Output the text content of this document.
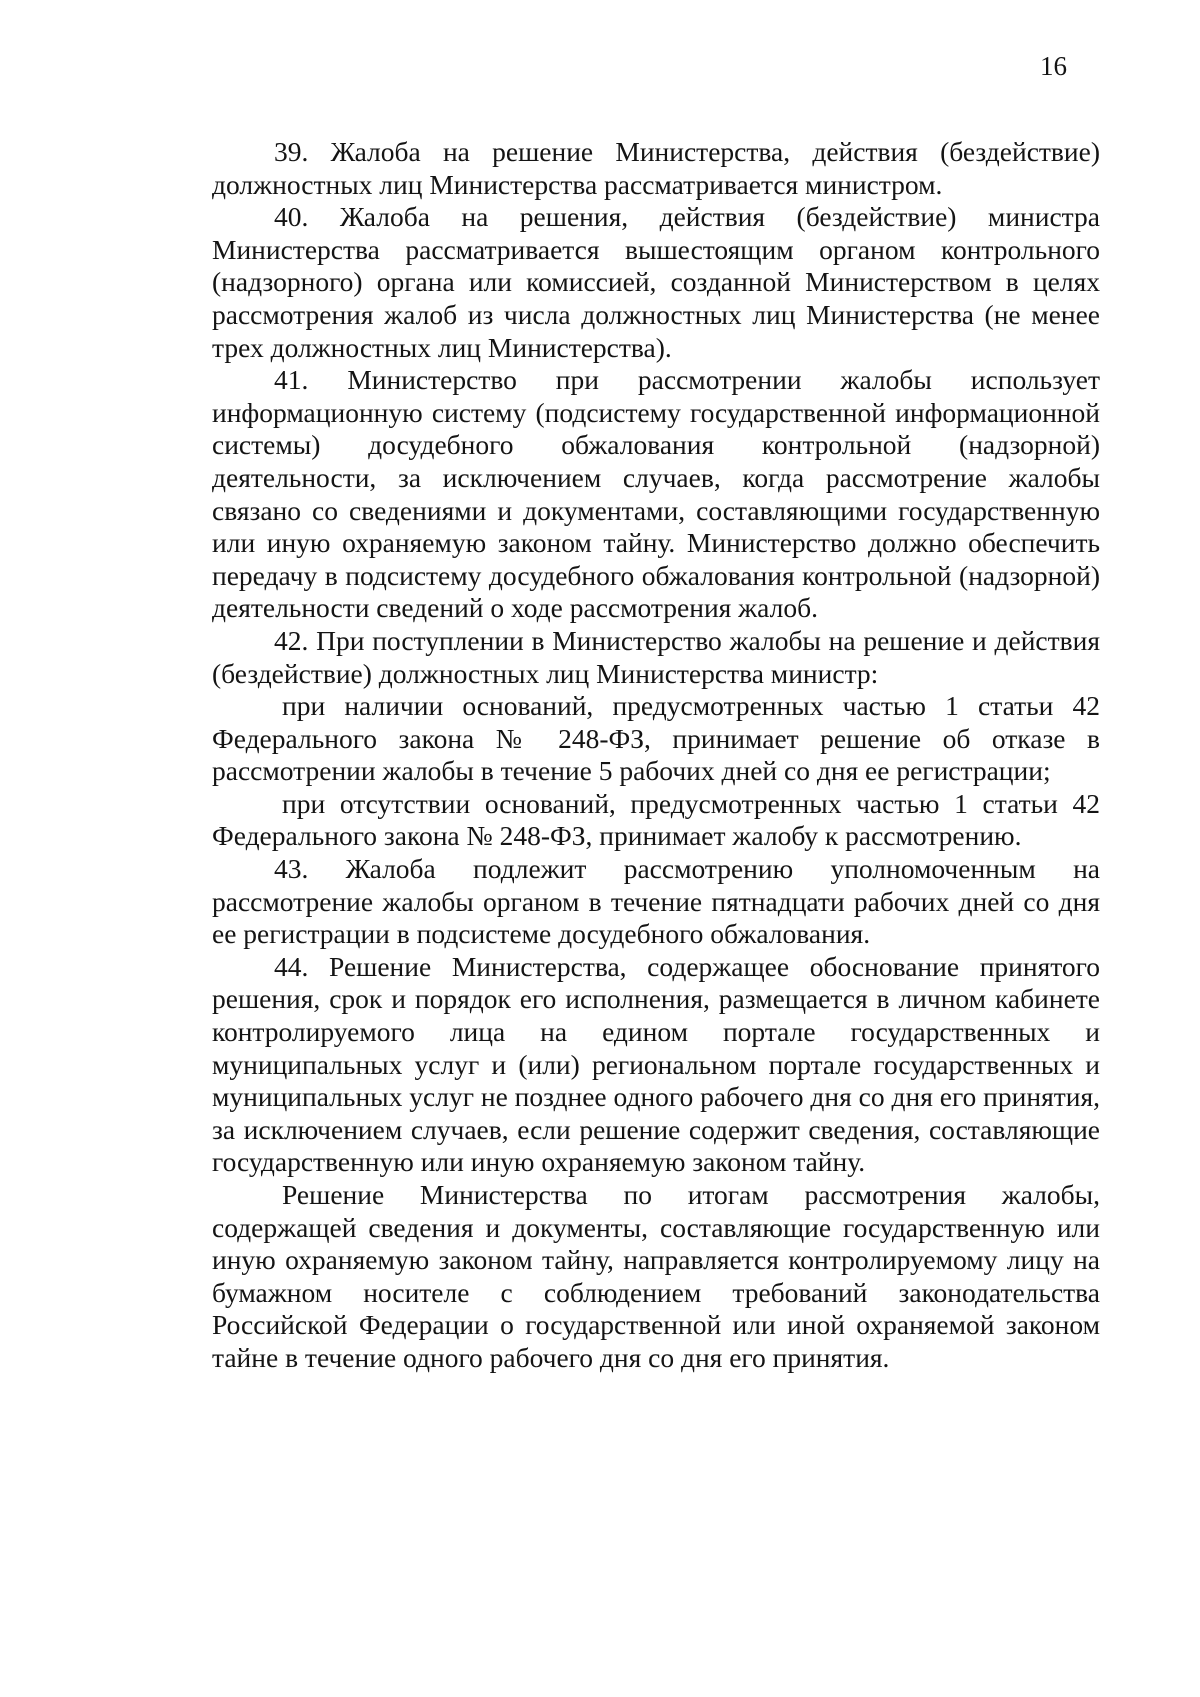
16

39. Жалоба на решение Министерства, действия (бездействие) должностных лиц Министерства рассматривается министром.

40. Жалоба на решения, действия (бездействие) министра Министерства рассматривается вышестоящим органом контрольного (надзорного) органа или комиссией, созданной Министерством в целях рассмотрения жалоб из числа должностных лиц Министерства (не менее трех должностных лиц Министерства).

41. Министерство при рассмотрении жалобы использует информационную систему (подсистему государственной информационной системы) досудебного обжалования контрольной (надзорной) деятельности, за исключением случаев, когда рассмотрение жалобы связано со сведениями и документами, составляющими государственную или иную охраняемую законом тайну. Министерство должно обеспечить передачу в подсистему досудебного обжалования контрольной (надзорной) деятельности сведений о ходе рассмотрения жалоб.

42. При поступлении в Министерство жалобы на решение и действия (бездействие) должностных лиц Министерства министр:

при наличии оснований, предусмотренных частью 1 статьи 42 Федерального закона № 248-ФЗ, принимает решение об отказе в рассмотрении жалобы в течение 5 рабочих дней со дня ее регистрации;

при отсутствии оснований, предусмотренных частью 1 статьи 42 Федерального закона № 248-ФЗ, принимает жалобу к рассмотрению.

43. Жалоба подлежит рассмотрению уполномоченным на рассмотрение жалобы органом в течение пятнадцати рабочих дней со дня ее регистрации в подсистеме досудебного обжалования.

44. Решение Министерства, содержащее обоснование принятого решения, срок и порядок его исполнения, размещается в личном кабинете контролируемого лица на едином портале государственных и муниципальных услуг и (или) региональном портале государственных и муниципальных услуг не позднее одного рабочего дня со дня его принятия, за исключением случаев, если решение содержит сведения, составляющие государственную или иную охраняемую законом тайну.

Решение Министерства по итогам рассмотрения жалобы, содержащей сведения и документы, составляющие государственную или иную охраняемую законом тайну, направляется контролируемому лицу на бумажном носителе с соблюдением требований законодательства Российской Федерации о государственной или иной охраняемой законом тайне в течение одного рабочего дня со дня его принятия.
